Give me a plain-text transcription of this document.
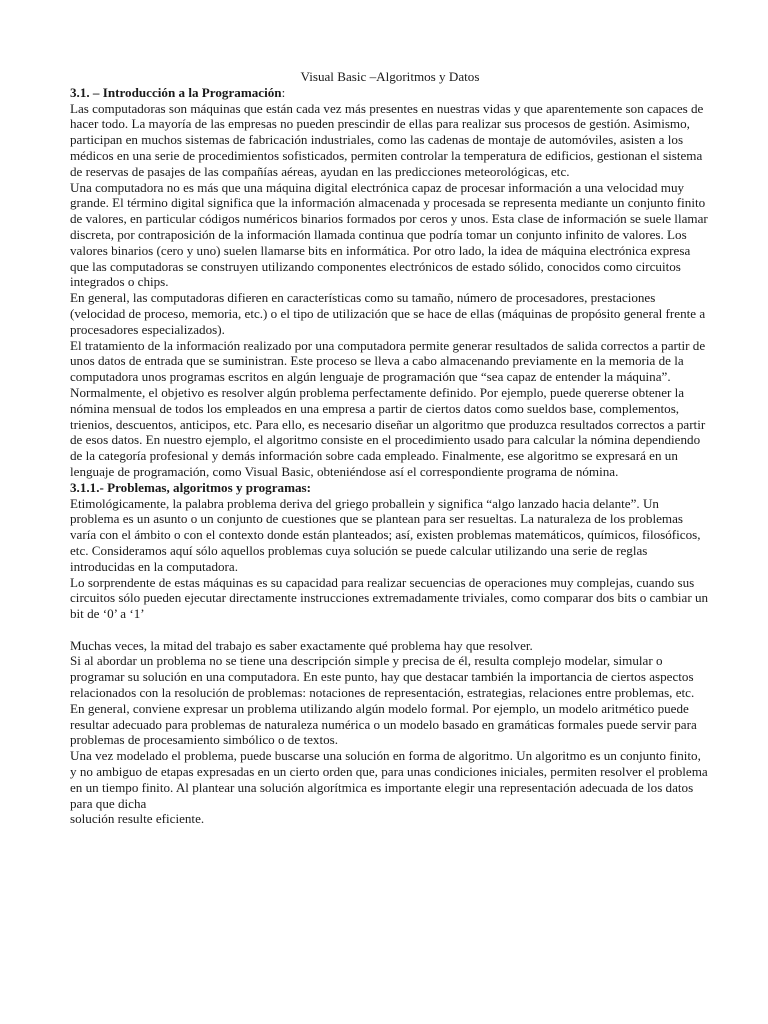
Visual Basic –Algoritmos y Datos
3.1. – Introducción a la Programación:

Las computadoras son máquinas que están cada vez más presentes en nuestras vidas y que aparentemente son capaces de hacer todo. La mayoría de las empresas no pueden prescindir de ellas para realizar sus procesos de gestión. Asimismo, participan en muchos sistemas de fabricación industriales, como las cadenas de montaje de automóviles, asisten a los médicos en una serie de procedimientos sofisticados, permiten controlar la temperatura de edificios, gestionan el sistema de reservas de pasajes de las compañías aéreas, ayudan en las predicciones meteorológicas, etc.

Una computadora no es más que una máquina digital electrónica capaz de procesar información a una velocidad muy grande. El término digital significa que la información almacenada y procesada se representa mediante un conjunto finito de valores, en particular códigos numéricos binarios formados por ceros y unos. Esta clase de información se suele llamar discreta, por contraposición de la información llamada continua que podría tomar un conjunto infinito de valores. Los valores binarios (cero y uno) suelen llamarse bits en informática. Por otro lado, la idea de máquina electrónica expresa que las computadoras se construyen utilizando componentes electrónicos de estado sólido, conocidos como circuitos integrados o chips.

En general, las computadoras difieren en características como su tamaño, número de procesadores, prestaciones (velocidad de proceso, memoria, etc.) o el tipo de utilización que se hace de ellas (máquinas de propósito general frente a procesadores especializados).

El tratamiento de la información realizado por una computadora permite generar resultados de salida correctos a partir de unos datos de entrada que se suministran. Este proceso se lleva a cabo almacenando previamente en la memoria de la computadora unos programas escritos en algún lenguaje de programación que “sea capaz de entender la máquina”. Normalmente, el objetivo es resolver algún problema perfectamente definido. Por ejemplo, puede quererse obtener la nómina mensual de todos los empleados en una empresa a partir de ciertos datos como sueldos base, complementos, trienios, descuentos, anticipos, etc. Para ello, es necesario diseñar un algoritmo que produzca resultados correctos a partir de esos datos. En nuestro ejemplo, el algoritmo consiste en el procedimiento usado para calcular la nómina dependiendo de la categoría profesional y demás información sobre cada empleado. Finalmente, ese algoritmo se expresará en un lenguaje de programación, como Visual Basic, obteniéndose así el correspondiente programa de nómina.

3.1.1.- Problemas, algoritmos y programas:

Etimológicamente, la palabra problema deriva del griego proballein y significa “algo lanzado hacia delante”. Un problema es un asunto o un conjunto de cuestiones que se plantean para ser resueltas. La naturaleza de los problemas varía con el ámbito o con el contexto donde están planteados; así, existen problemas matemáticos, químicos, filosóficos, etc. Consideramos aquí sólo aquellos problemas cuya solución se puede calcular utilizando una serie de reglas introducidas en la computadora.

Lo sorprendente de estas máquinas es su capacidad para realizar secuencias de operaciones muy complejas, cuando sus circuitos sólo pueden ejecutar directamente instrucciones extremadamente triviales, como comparar dos bits o cambiar un bit de ‘0’ a ‘1’

Muchas veces, la mitad del trabajo es saber exactamente qué problema hay que resolver.

Si al abordar un problema no se tiene una descripción simple y precisa de él, resulta complejo modelar, simular o programar su solución en una computadora. En este punto, hay que destacar también la importancia de ciertos aspectos relacionados con la resolución de problemas: notaciones de representación, estrategias, relaciones entre problemas, etc.

En general, conviene expresar un problema utilizando algún modelo formal. Por ejemplo, un modelo aritmético puede resultar adecuado para problemas de naturaleza numérica o un modelo basado en gramáticas formales puede servir para problemas de procesamiento simbólico o de textos.

Una vez modelado el problema, puede buscarse una solución en forma de algoritmo. Un algoritmo es un conjunto finito, y no ambiguo de etapas expresadas en un cierto orden que, para unas condiciones iniciales, permiten resolver el problema en un tiempo finito. Al plantear una solución algorítmica es importante elegir una representación adecuada de los datos para que dicha

solución resulte eficiente.
